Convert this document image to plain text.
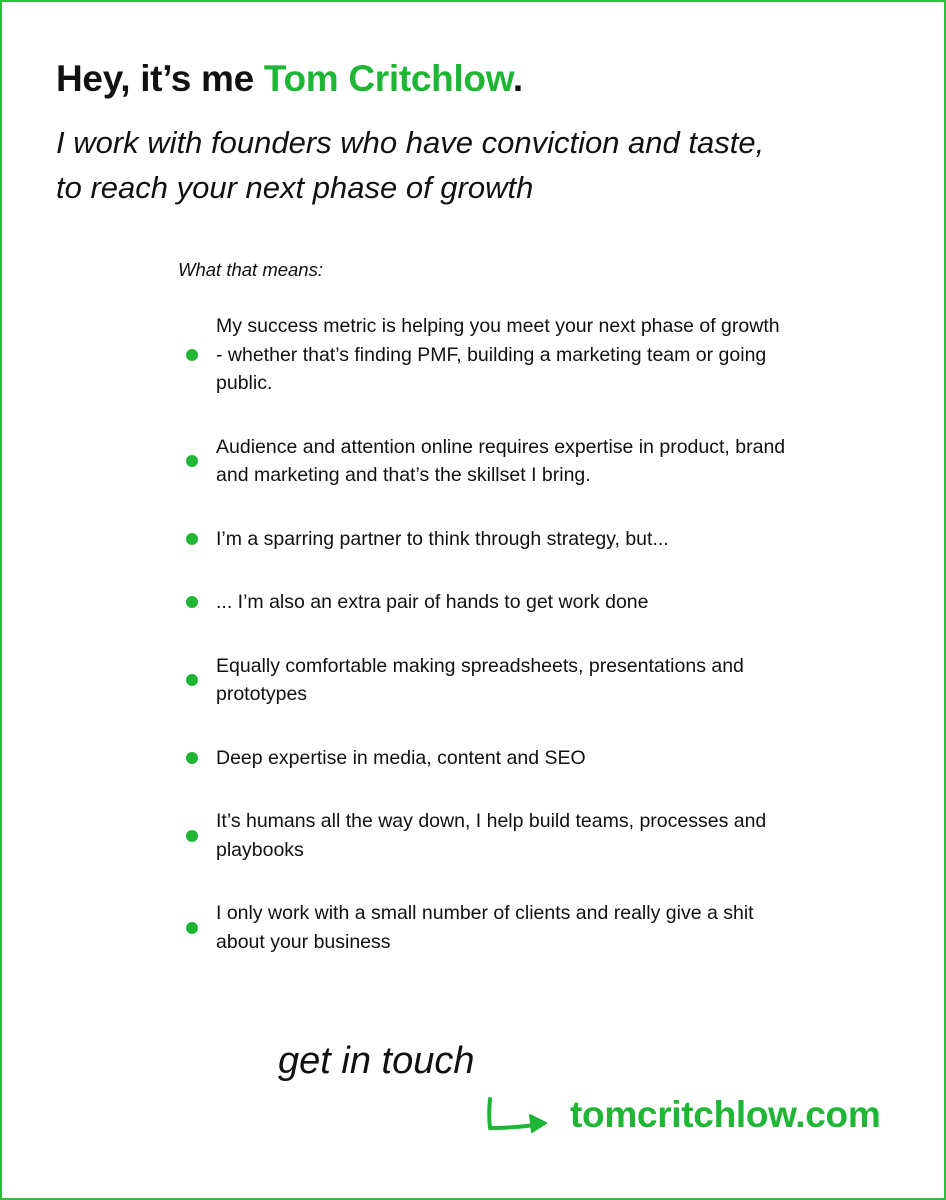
Hey, it’s me Tom Critchlow.
I work with founders who have conviction and taste,
to reach your next phase of growth

What that means:

My success metric is helping you meet your next phase of growth - whether that’s finding PMF, building a marketing team or going public.
Audience and attention online requires expertise in product, brand and marketing and that’s the skillset I bring.
I’m a sparring partner to think through strategy, but...
... I’m also an extra pair of hands to get work done
Equally comfortable making spreadsheets, presentations and prototypes
Deep expertise in media, content and SEO
It’s humans all the way down, I help build teams, processes and playbooks
I only work with a small number of clients and really give a shit about your business

get in touch

tomcritchlow.com
